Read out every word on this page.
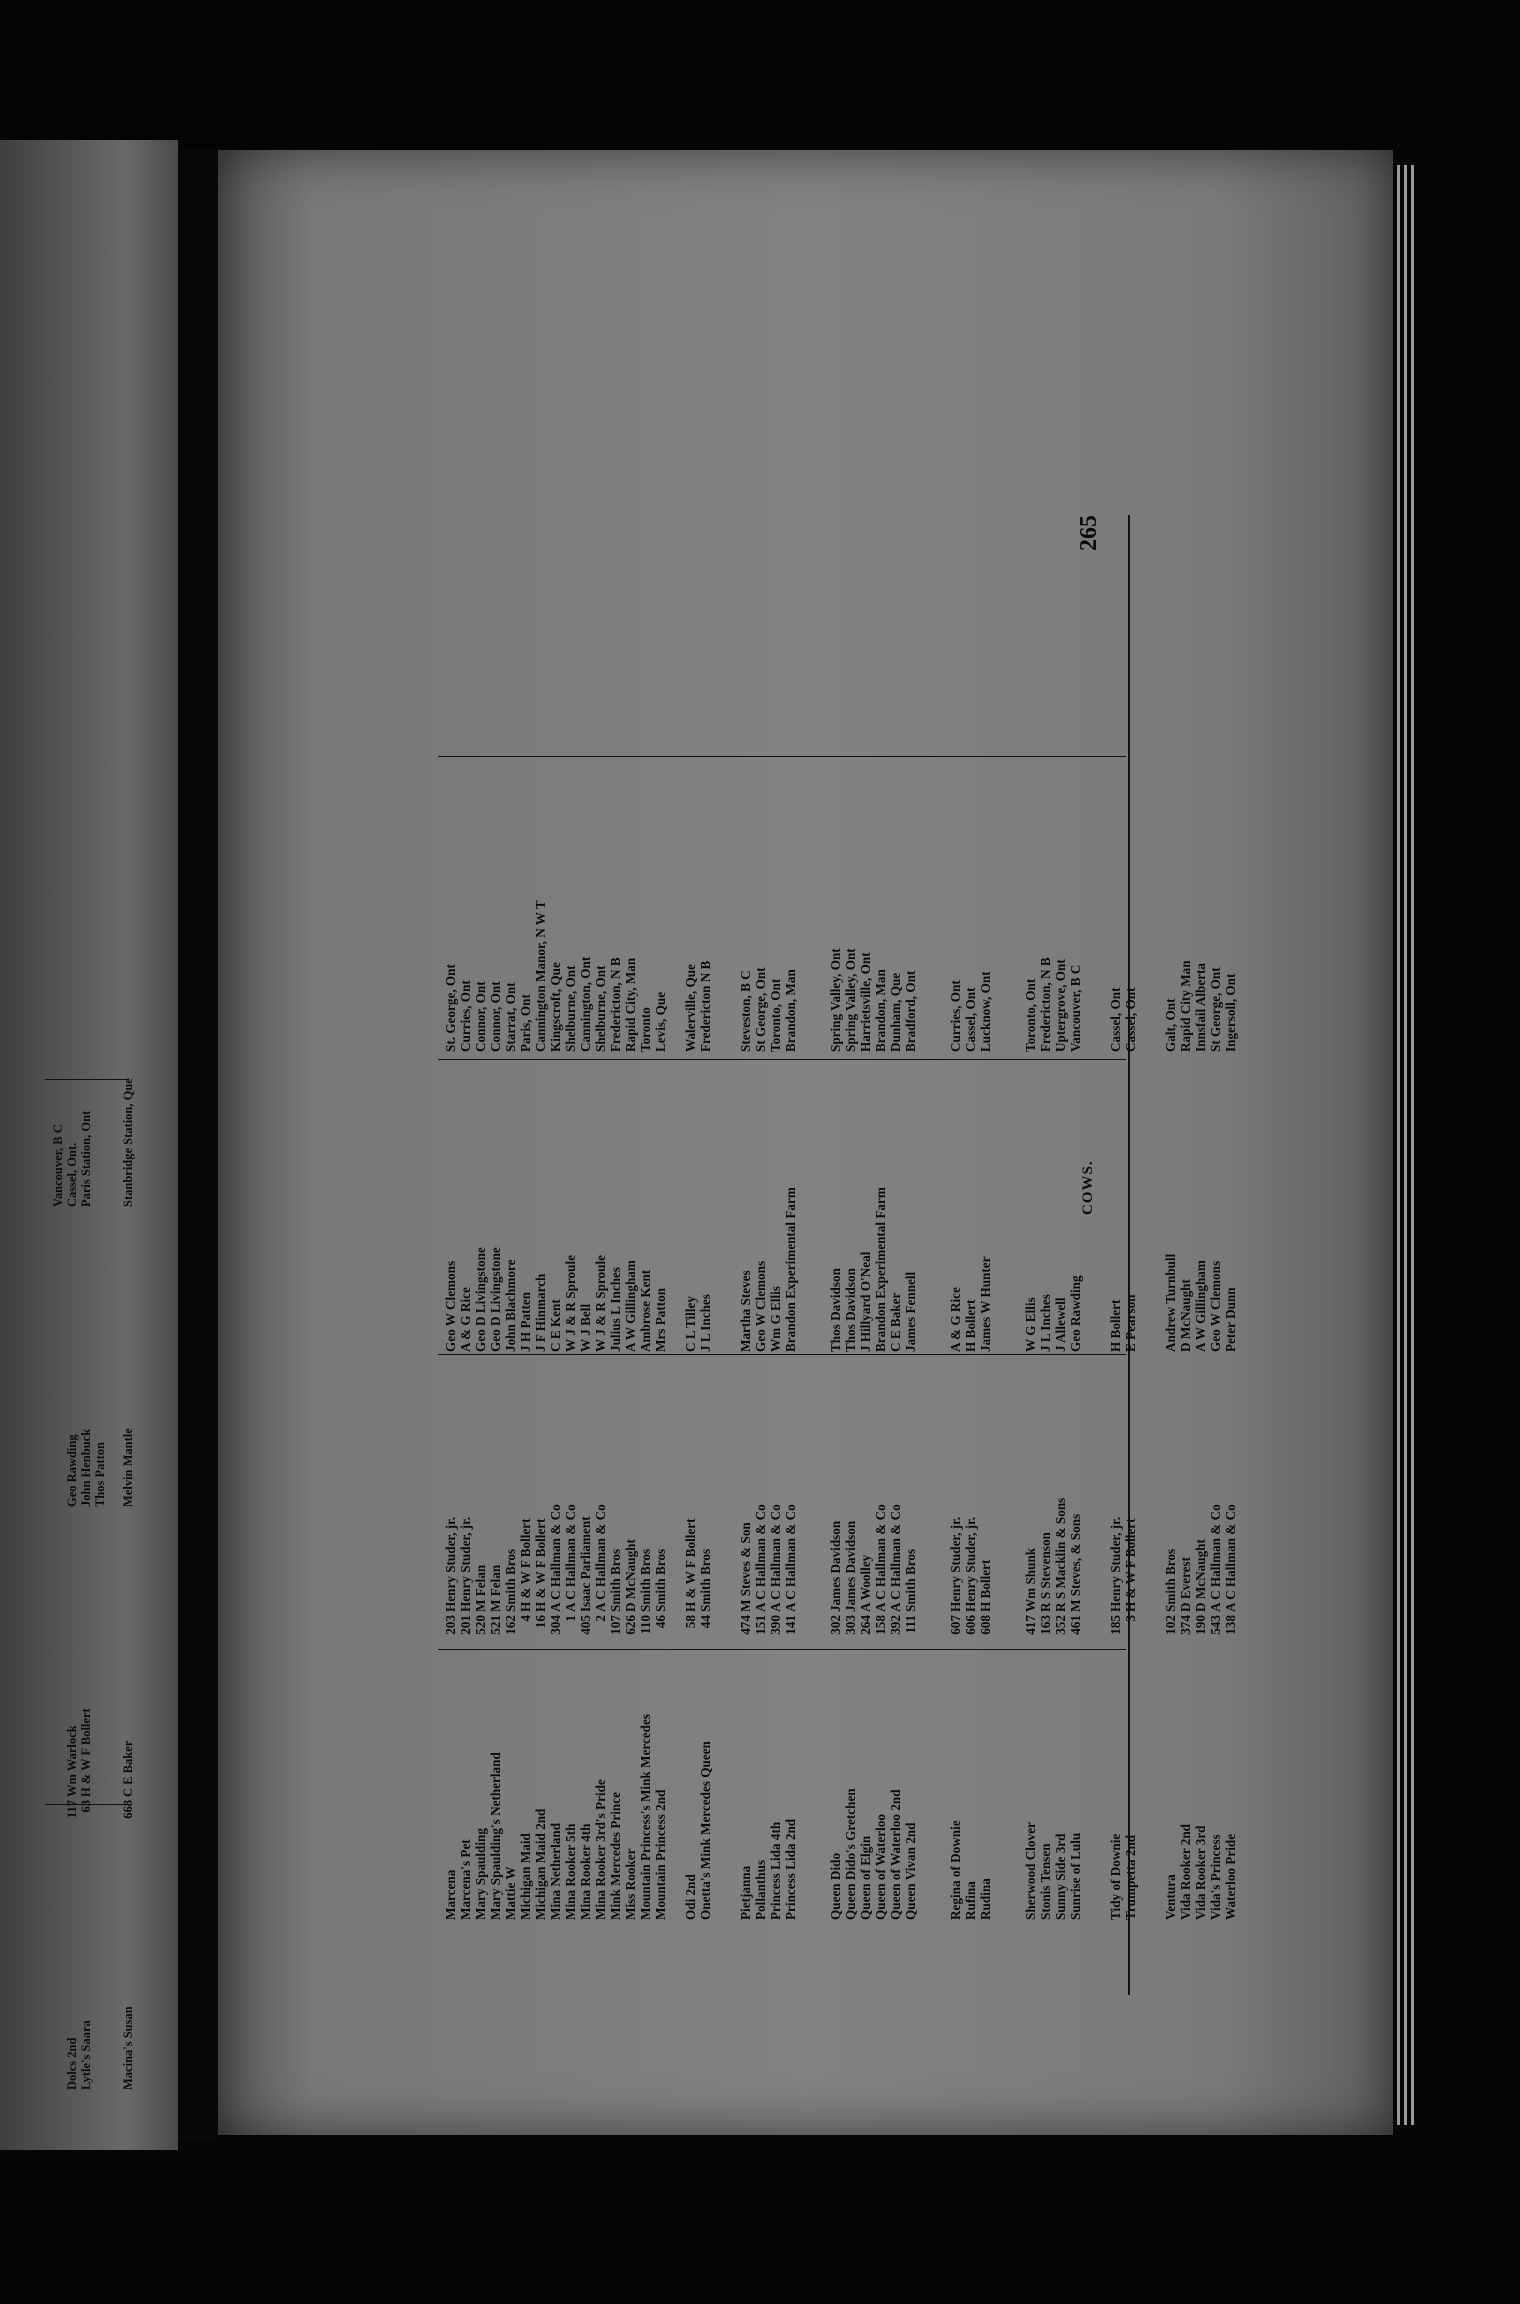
Vancouver, B C
Dolcs 2nd
117
Wm Warlock
Geo Rawding
Cassel, Ont.
Lytle's Saara
63
H & W F Bollert
John Henbuck
Paris Station, Ont
Thos Patton
Macina's Susan
668
C E Baker
Melvin Mantle
Stanbridge Station, Que	COWS.
265
Marcena
203
Henry Studer, jr.
Geo W Clemons
St. George, Ont
Marcena's Pet
201
Henry Studer, jr.
A & G Rice
Curries, Ont
Mary Spaulding
520
M Felan
Geo D Livingstone
Connor, Ont
Mary Spaulding's Netherland
521
M Felan
Geo D Livingstone
Connor, Ont
Mattie W
162
Smith Bros
John Blachmore
Starrat, Ont
Michigan Maid
4
H & W F Bollert
J H Patten
Paris, Ont
Michigan Maid 2nd
16
H & W F Bollert
J F Hinmarch
Cannington Manor, N W T
Mina Netherland
304
A C Hallman & Co
C E Kent
Kingscroft, Que
Mina Rooker 5th
1
A C Hallman & Co
W J & R Sproule
Shelburne, Ont
Mina Rooker 4th
405
Isaac Parliament
W J Bell
Cannington, Ont
Mina Rooker 3rd's Pride
2
A C Hallman & Co
W J & R Sproule
Shelburne, Ont
Mink Mercedes Prince
107
Smith Bros
Julius L Inches
Fredericton, N B
Miss Rooker
626
D McNaught
A W Gillingham
Rapid City, Man
Mountain Princess's Mink Mercedes
110
Smith Bros
Ambrose Kent
Toronto
Mountain Princess 2nd
46
Smith Bros
Mrs Patton
Levis, Que
Odi 2nd
58
H & W F Bollert
C L Tilley
Walerville, Que
Onetta's Mink Mercedes Queen
44
Smith Bros
J L Inches
Fredericton N B
Pietjanna
474
M Steves & Son
Martha Steves
Steveston, B C
Pollanthus
151
A C Hallman & Co
Geo W Clemons
St George, Ont
Princess Lida 4th
390
A C Hallman & Co
Wm G Ellis
Toronto, Ont
Princess Lida 2nd
141
A C Hallman & Co
Brandon Experimental Farm
Brandon, Man
Queen Dido
302
James Davidson
Thos Davidson
Spring Valley, Ont
Queen Dido's Gretchen
303
James Davidson
Thos Davidson
Spring Valley, Ont
Queen of Elgin
264
A Woolley
J Hillyard O'Neal
Harrietsville, Ont
Queen of Waterloo
158
A C Hallman & Co
Brandon Experimental Farm
Brandon, Man
Queen of Waterloo 2nd
392
A C Hallman & Co
C E Baker
Dunham, Que
Queen Vivan 2nd
111
Smith Bros
James Fennell
Bradford, Ont
Regina of Downie
607
Henry Studer, jr.
A & G Rice
Curries, Ont
Rufina
606
Henry Studer, jr.
H Bollert
Cassel, Ont
Rudina
608
H Bollert
James W Hunter
Lucknow, Ont
Sherwood Clover
417
Wm Shunk
W G Ellis
Toronto, Ont
Stonis Tensen
163
R S Stevenson
J L Inches
Fredericton, N B
Sunny Side 3rd
352
R S Macklin & Sons
J Allewell
Uptergrove, Ont
Sunrise of Lulu
461
M Steves, & Sons
Geo Rawding
Vancouver, B C
Tidy of Downie
185
Henry Studer, jr.
H Bollert
Cassel, Ont
Trumpetta 2nd
3
H & W F Bollert
E Pearson
Cassel, Ont
Ventura
102
Smith Bros
Andrew Turnbull
Galt, Ont
Vida Rooker 2nd
374
D Everest
D McNaught
Rapid City Man
Vida Rooker 3rd
190
D McNaught
A W Gillingham
Innsfail Alberta
Vida's Princess
543
A C Hallman & Co
Geo W Clemons
St George, Ont
Waterloo Pride
138
A C Hallman & Co
Peter Dunn
Ingersoll, Ont
